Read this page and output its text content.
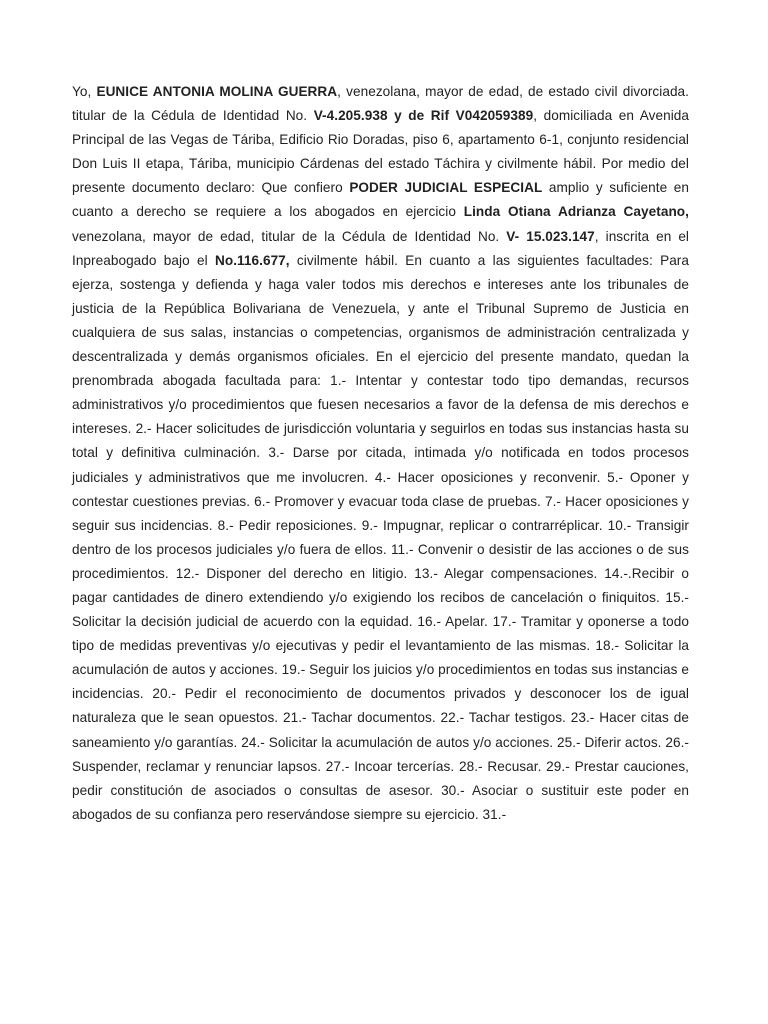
Yo, EUNICE ANTONIA MOLINA GUERRA, venezolana, mayor de edad, de estado civil divorciada. titular de la Cédula de Identidad No. V-4.205.938 y de Rif V042059389, domiciliada en Avenida Principal de las Vegas de Táriba, Edificio Rio Doradas, piso 6, apartamento 6-1, conjunto residencial Don Luis II etapa, Táriba, municipio Cárdenas del estado Táchira y civilmente hábil. Por medio del presente documento declaro: Que confiero PODER JUDICIAL ESPECIAL amplio y suficiente en cuanto a derecho se requiere a los abogados en ejercicio Linda Otiana Adrianza Cayetano, venezolana, mayor de edad, titular de la Cédula de Identidad No. V- 15.023.147, inscrita en el Inpreabogado bajo el No.116.677, civilmente hábil. En cuanto a las siguientes facultades: Para ejerza, sostenga y defienda y haga valer todos mis derechos e intereses ante los tribunales de justicia de la República Bolivariana de Venezuela, y ante el Tribunal Supremo de Justicia en cualquiera de sus salas, instancias o competencias, organismos de administración centralizada y descentralizada y demás organismos oficiales. En el ejercicio del presente mandato, quedan la prenombrada abogada facultada para: 1.- Intentar y contestar todo tipo demandas, recursos administrativos y/o procedimientos que fuesen necesarios a favor de la defensa de mis derechos e intereses. 2.- Hacer solicitudes de jurisdicción voluntaria y seguirlos en todas sus instancias hasta su total y definitiva culminación. 3.- Darse por citada, intimada y/o notificada en todos procesos judiciales y administrativos que me involucren. 4.- Hacer oposiciones y reconvenir. 5.- Oponer y contestar cuestiones previas. 6.- Promover y evacuar toda clase de pruebas. 7.- Hacer oposiciones y seguir sus incidencias. 8.- Pedir reposiciones. 9.- Impugnar, replicar o contrarréplicar. 10.- Transigir dentro de los procesos judiciales y/o fuera de ellos. 11.- Convenir o desistir de las acciones o de sus procedimientos. 12.- Disponer del derecho en litigio. 13.- Alegar compensaciones. 14.-.Recibir o pagar cantidades de dinero extendiendo y/o exigiendo los recibos de cancelación o finiquitos. 15.-Solicitar la decisión judicial de acuerdo con la equidad. 16.- Apelar. 17.- Tramitar y oponerse a todo tipo de medidas preventivas y/o ejecutivas y pedir el levantamiento de las mismas. 18.- Solicitar la acumulación de autos y acciones. 19.- Seguir los juicios y/o procedimientos en todas sus instancias e incidencias. 20.- Pedir el reconocimiento de documentos privados y desconocer los de igual naturaleza que le sean opuestos. 21.- Tachar documentos. 22.- Tachar testigos. 23.- Hacer citas de saneamiento y/o garantías. 24.- Solicitar la acumulación de autos y/o acciones. 25.- Diferir actos. 26.- Suspender, reclamar y renunciar lapsos. 27.- Incoar tercerías. 28.- Recusar. 29.- Prestar cauciones, pedir constitución de asociados o consultas de asesor. 30.- Asociar o sustituir este poder en abogados de su confianza pero reservándose siempre su ejercicio. 31.-
